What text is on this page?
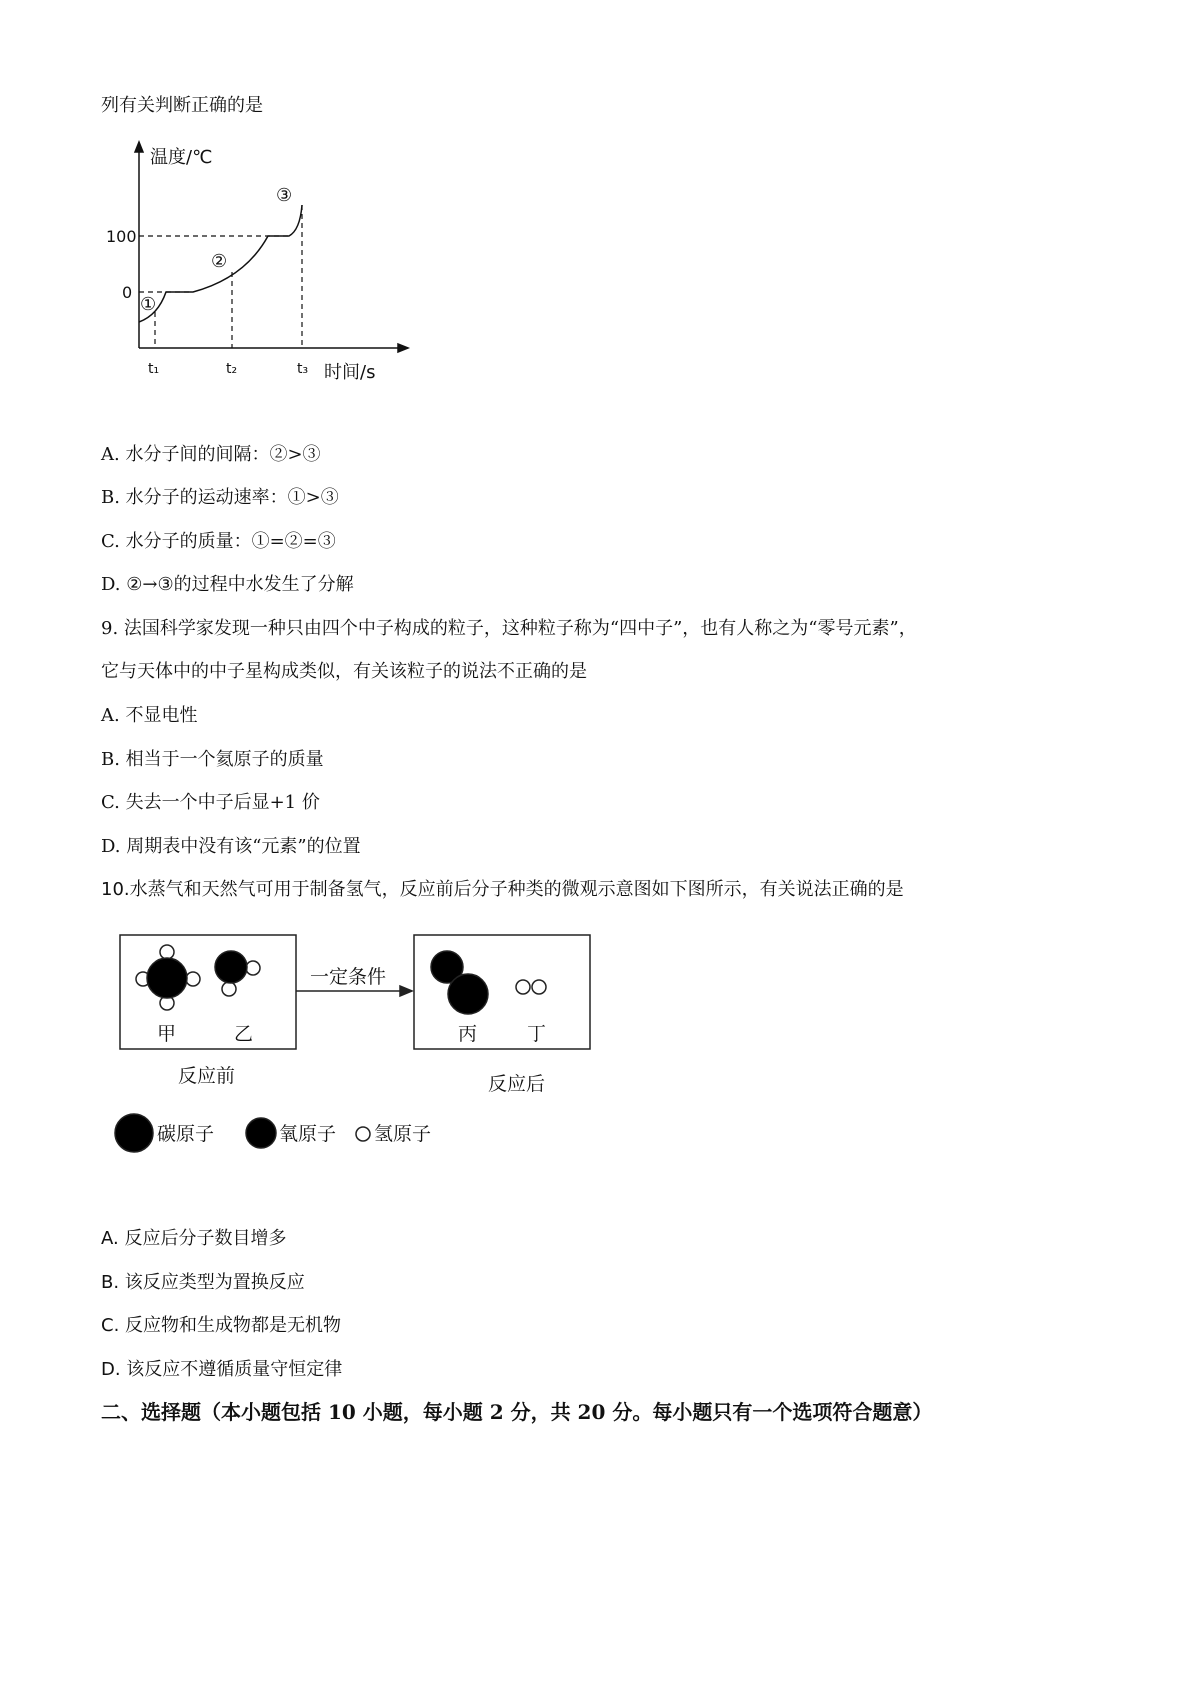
列有关判断正确的是
温度/℃
100
0
t₁	t₂	t₃ 时间/s
①
②
③
A. 水分子间的间隔：②>③
B. 水分子的运动速率：①>③
C. 水分子的质量：①=②=③
D. ②→③的过程中水发生了分解
9. 法国科学家发现一种只由四个中子构成的粒子，这种粒子称为“四中子”，也有人称之为“零号元素”，
它与天体中的中子星构成类似，有关该粒子的说法不正确的是
A. 不显电性
B. 相当于一个氦原子的质量
C. 失去一个中子后显+1 价
D. 周期表中没有该“元素”的位置
10.水蒸气和天然气可用于制备氢气，反应前后分子种类的微观示意图如下图所示，有关说法正确的是
一定条件
甲	乙	丙	丁
反应前	反应后
碳原子	氧原子 氢原子
A. 反应后分子数目增多
B. 该反应类型为置换反应
C. 反应物和生成物都是无机物
D. 该反应不遵循质量守恒定律
二、选择题（本小题包括 10 小题，每小题 2 分，共 20 分。每小题只有一个选项符合题意）
